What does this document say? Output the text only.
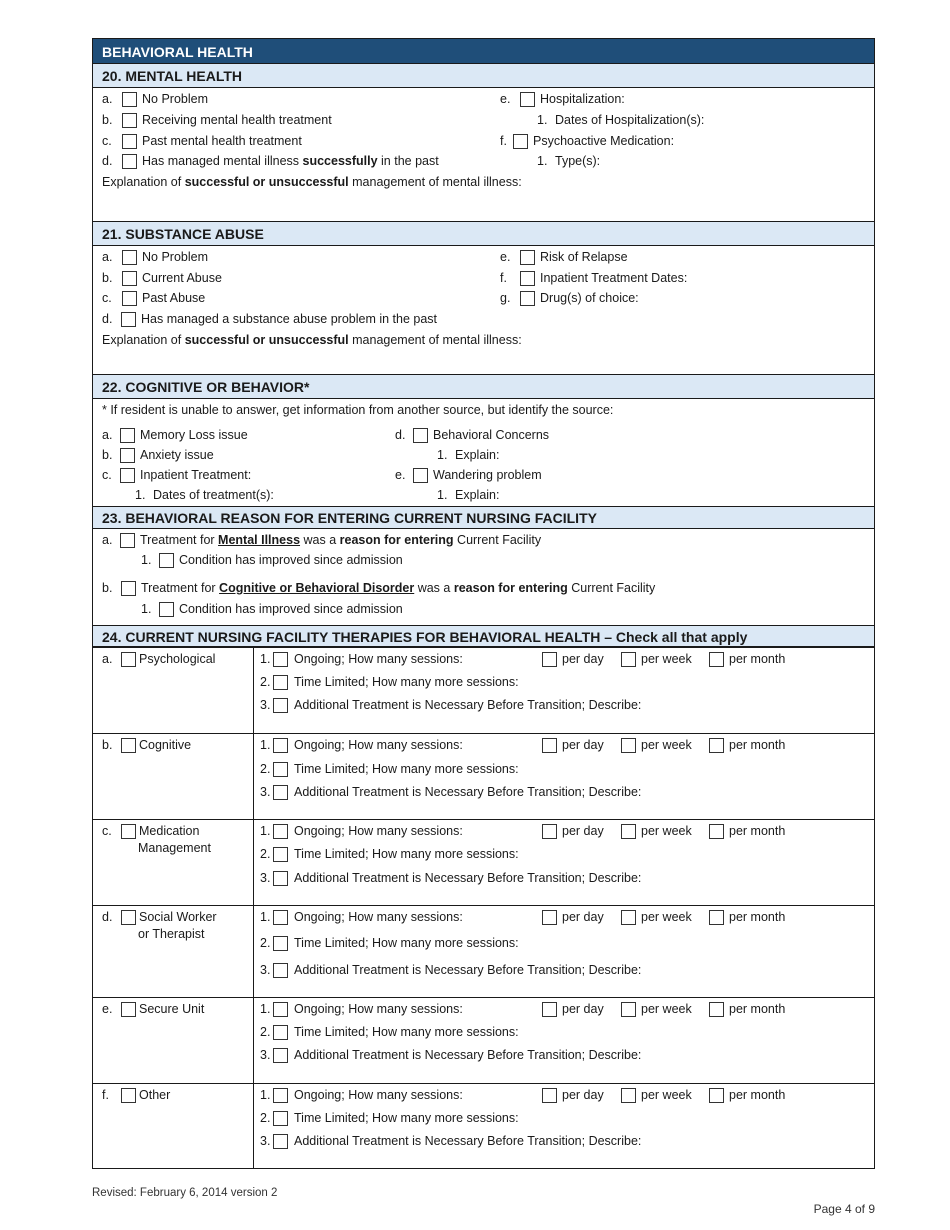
BEHAVIORAL HEALTH
20. MENTAL HEALTH
a.	No Problem
b.	Receiving mental health treatment
c.	Past mental health treatment
d.	Has managed mental illness successfully in the past
Explanation of successful or unsuccessful management of mental illness:
e.	Hospitalization:
1. Dates of Hospitalization(s):
f.	Psychoactive Medication:
1. Type(s):
21. SUBSTANCE ABUSE
a.	No Problem
b.	Current Abuse
c.	Past Abuse
d.	Has managed a substance abuse problem in the past
Explanation of successful or unsuccessful management of mental illness:
e.	Risk of Relapse
f.	Inpatient Treatment Dates:
g.	Drug(s) of choice:
22. COGNITIVE OR BEHAVIOR*
* If resident is unable to answer, get information from another source, but identify the source:
a.	Memory Loss issue
b.	Anxiety issue
c.	Inpatient Treatment:
1. Dates of treatment(s):
d.	Behavioral Concerns
1. Explain:
e.	Wandering problem
1. Explain:
23. BEHAVIORAL REASON FOR ENTERING CURRENT NURSING FACILITY
a.	Treatment for Mental Illness was a reason for entering Current Facility
1.	Condition has improved since admission
b.	Treatment for Cognitive or Behavioral Disorder was a reason for entering Current Facility
1.	Condition has improved since admission
24. CURRENT NURSING FACILITY THERAPIES FOR BEHAVIORAL HEALTH – Check all that apply
a.	Psychological	1. Ongoing; How many sessions:	per day	per week	per month
2. Time Limited; How many more sessions:
3. Additional Treatment is Necessary Before Transition; Describe:
b.	Cognitive	1. Ongoing; How many sessions:	per day	per week	per month
2. Time Limited; How many more sessions:
3. Additional Treatment is Necessary Before Transition; Describe:
c.	Medication
Management
1. Ongoing; How many sessions:	per day	per week	per month
2. Time Limited; How many more sessions:
3. Additional Treatment is Necessary Before Transition; Describe:
d.	Social Worker
or Therapist
1. Ongoing; How many sessions:	per day	per week	per month
2. Time Limited; How many more sessions:
3. Additional Treatment is Necessary Before Transition; Describe:
e.	Secure Unit	1. Ongoing; How many sessions:	per day	per week	per month
2. Time Limited; How many more sessions:
3. Additional Treatment is Necessary Before Transition; Describe:
f.	Other	1. Ongoing; How many sessions:	per day	per week	per month
2. Time Limited; How many more sessions:
3. Additional Treatment is Necessary Before Transition; Describe:
Revised: February 6, 2014 version 2
Page 4 of 9
